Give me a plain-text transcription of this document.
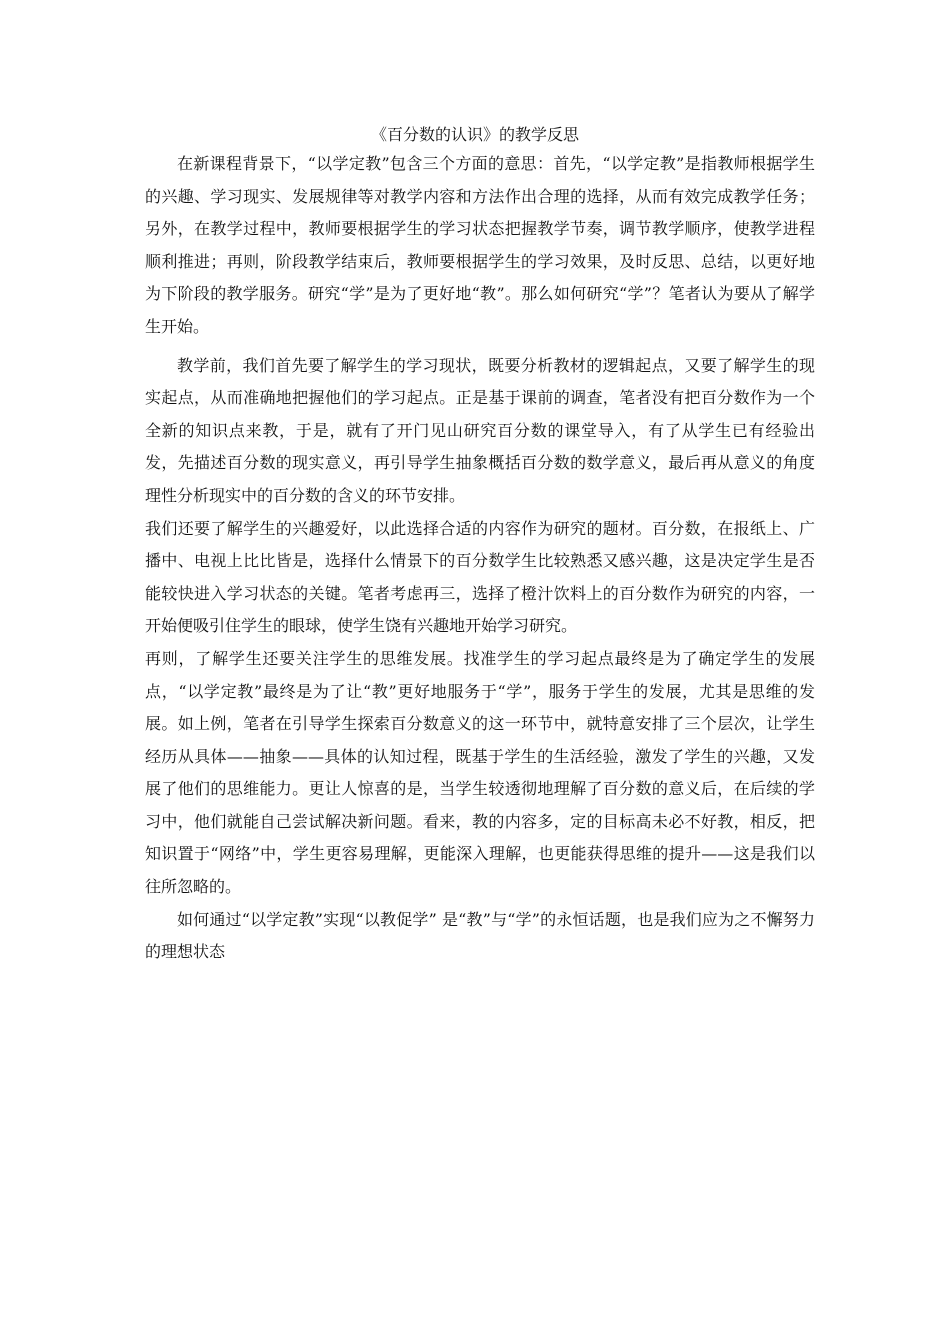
《百分数的认识》的教学反思

在新课程背景下，“以学定教”包含三个方面的意思：首先，“以学定教”是指教师根据学生的兴趣、学习现实、发展规律等对教学内容和方法作出合理的选择，从而有效完成教学任务；另外，在教学过程中，教师要根据学生的学习状态把握教学节奏，调节教学顺序，使教学进程顺利推进；再则，阶段教学结束后，教师要根据学生的学习效果，及时反思、总结，以更好地为下阶段的教学服务。研究“学”是为了更好地“教”。那么如何研究“学”？笔者认为要从了解学生开始。

教学前，我们首先要了解学生的学习现状，既要分析教材的逻辑起点，又要了解学生的现实起点，从而准确地把握他们的学习起点。正是基于课前的调查，笔者没有把百分数作为一个全新的知识点来教，于是，就有了开门见山研究百分数的课堂导入，有了从学生已有经验出发，先描述百分数的现实意义，再引导学生抽象概括百分数的数学意义，最后再从意义的角度理性分析现实中的百分数的含义的环节安排。

我们还要了解学生的兴趣爱好，以此选择合适的内容作为研究的题材。百分数，在报纸上、广播中、电视上比比皆是，选择什么情景下的百分数学生比较熟悉又感兴趣，这是决定学生是否能较快进入学习状态的关键。笔者考虑再三，选择了橙汁饮料上的百分数作为研究的内容，一开始便吸引住学生的眼球，使学生饶有兴趣地开始学习研究。

再则，了解学生还要关注学生的思维发展。找准学生的学习起点最终是为了确定学生的发展点，“以学定教”最终是为了让“教”更好地服务于“学”，服务于学生的发展，尤其是思维的发展。如上例，笔者在引导学生探索百分数意义的这一环节中，就特意安排了三个层次，让学生经历从具体——抽象——具体的认知过程，既基于学生的生活经验，激发了学生的兴趣，又发展了他们的思维能力。更让人惊喜的是，当学生较透彻地理解了百分数的意义后，在后续的学习中，他们就能自己尝试解决新问题。看来，教的内容多，定的目标高未必不好教，相反，把知识置于“网络”中，学生更容易理解，更能深入理解，也更能获得思维的提升——这是我们以往所忽略的。

如何通过“以学定教”实现“以教促学” 是“教”与“学”的永恒话题，也是我们应为之不懈努力的理想状态
